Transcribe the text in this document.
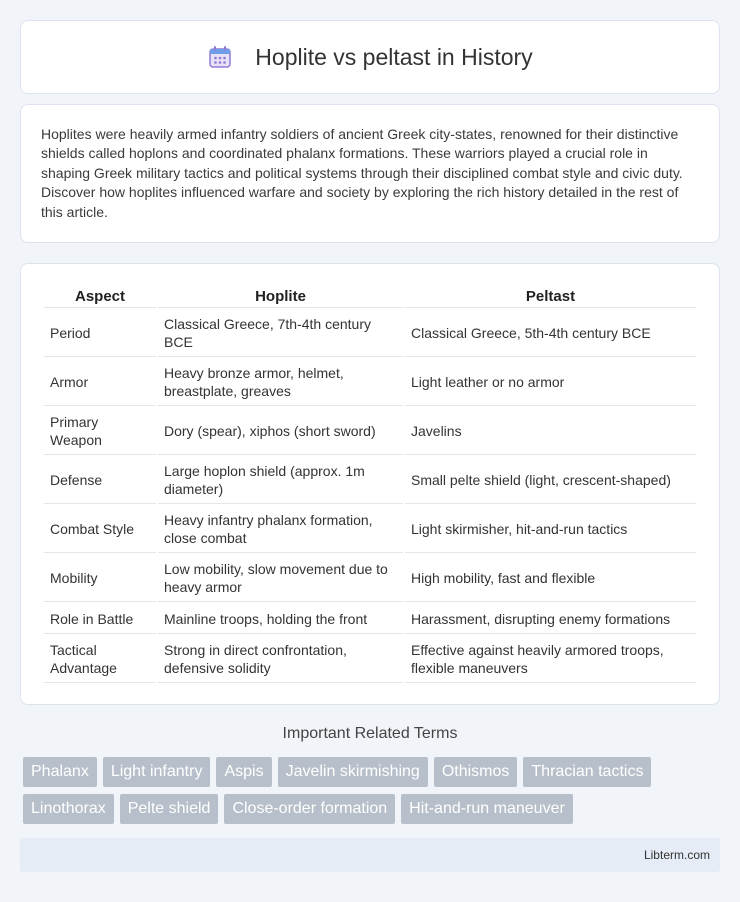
Hoplite vs peltast in History

Hoplites were heavily armed infantry soldiers of ancient Greek city-states, renowned for their distinctive shields called hoplons and coordinated phalanx formations. These warriors played a crucial role in shaping Greek military tactics and political systems through their disciplined combat style and civic duty. Discover how hoplites influenced warfare and society by exploring the rich history detailed in the rest of this article.

Aspect	Hoplite	Peltast
Period	Classical Greece, 7th-4th century BCE	Classical Greece, 5th-4th century BCE
Armor	Heavy bronze armor, helmet, breastplate, greaves	Light leather or no armor
Primary Weapon	Dory (spear), xiphos (short sword)	Javelins
Defense	Large hoplon shield (approx. 1m diameter)	Small pelte shield (light, crescent-shaped)
Combat Style	Heavy infantry phalanx formation, close combat	Light skirmisher, hit-and-run tactics
Mobility	Low mobility, slow movement due to heavy armor	High mobility, fast and flexible
Role in Battle	Mainline troops, holding the front	Harassment, disrupting enemy formations
Tactical Advantage	Strong in direct confrontation, defensive solidity	Effective against heavily armored troops, flexible maneuvers
Important Related Terms
Phalanx	Light infantry	Aspis	Javelin skirmishing	Othismos	Thracian tactics
Linothorax	Pelte shield	Close-order formation	Hit-and-run maneuver
Libterm.com
